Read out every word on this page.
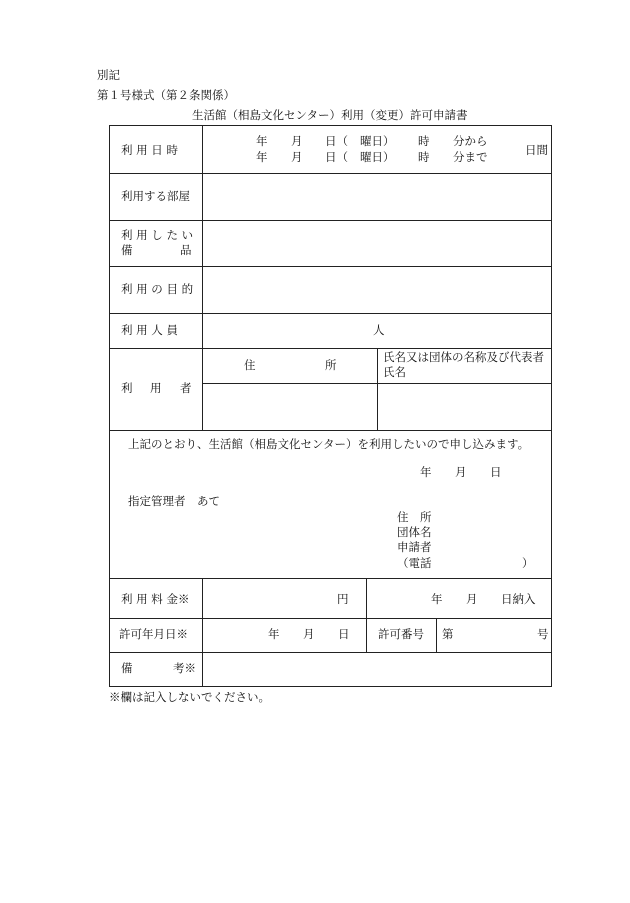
別記
第１号様式（第２条関係）
生活館（相島文化センター）利用（変更）許可申請書
利 用 日 時
年 月 日（ 曜日） 時 分から
年 月 日（ 曜日） 時 分まで	日間
利用する部屋
利 用 し た い
備	品
利 用 の 目 的
利 用 人 員	人
利 用 者
住	所
氏名又は団体の名称及び代表者
氏名
上記のとおり、生活館（相島文化センター）を利用したいので申し込みます。
年 月 日
指定管理者　あて
住　所
団体名
申請者
（電話	）
利 用 料 金※	円	年 月 日納入
許可年月日※	年 月 日 許可番号 第	号
備	考※
※欄は記入しないでください。
